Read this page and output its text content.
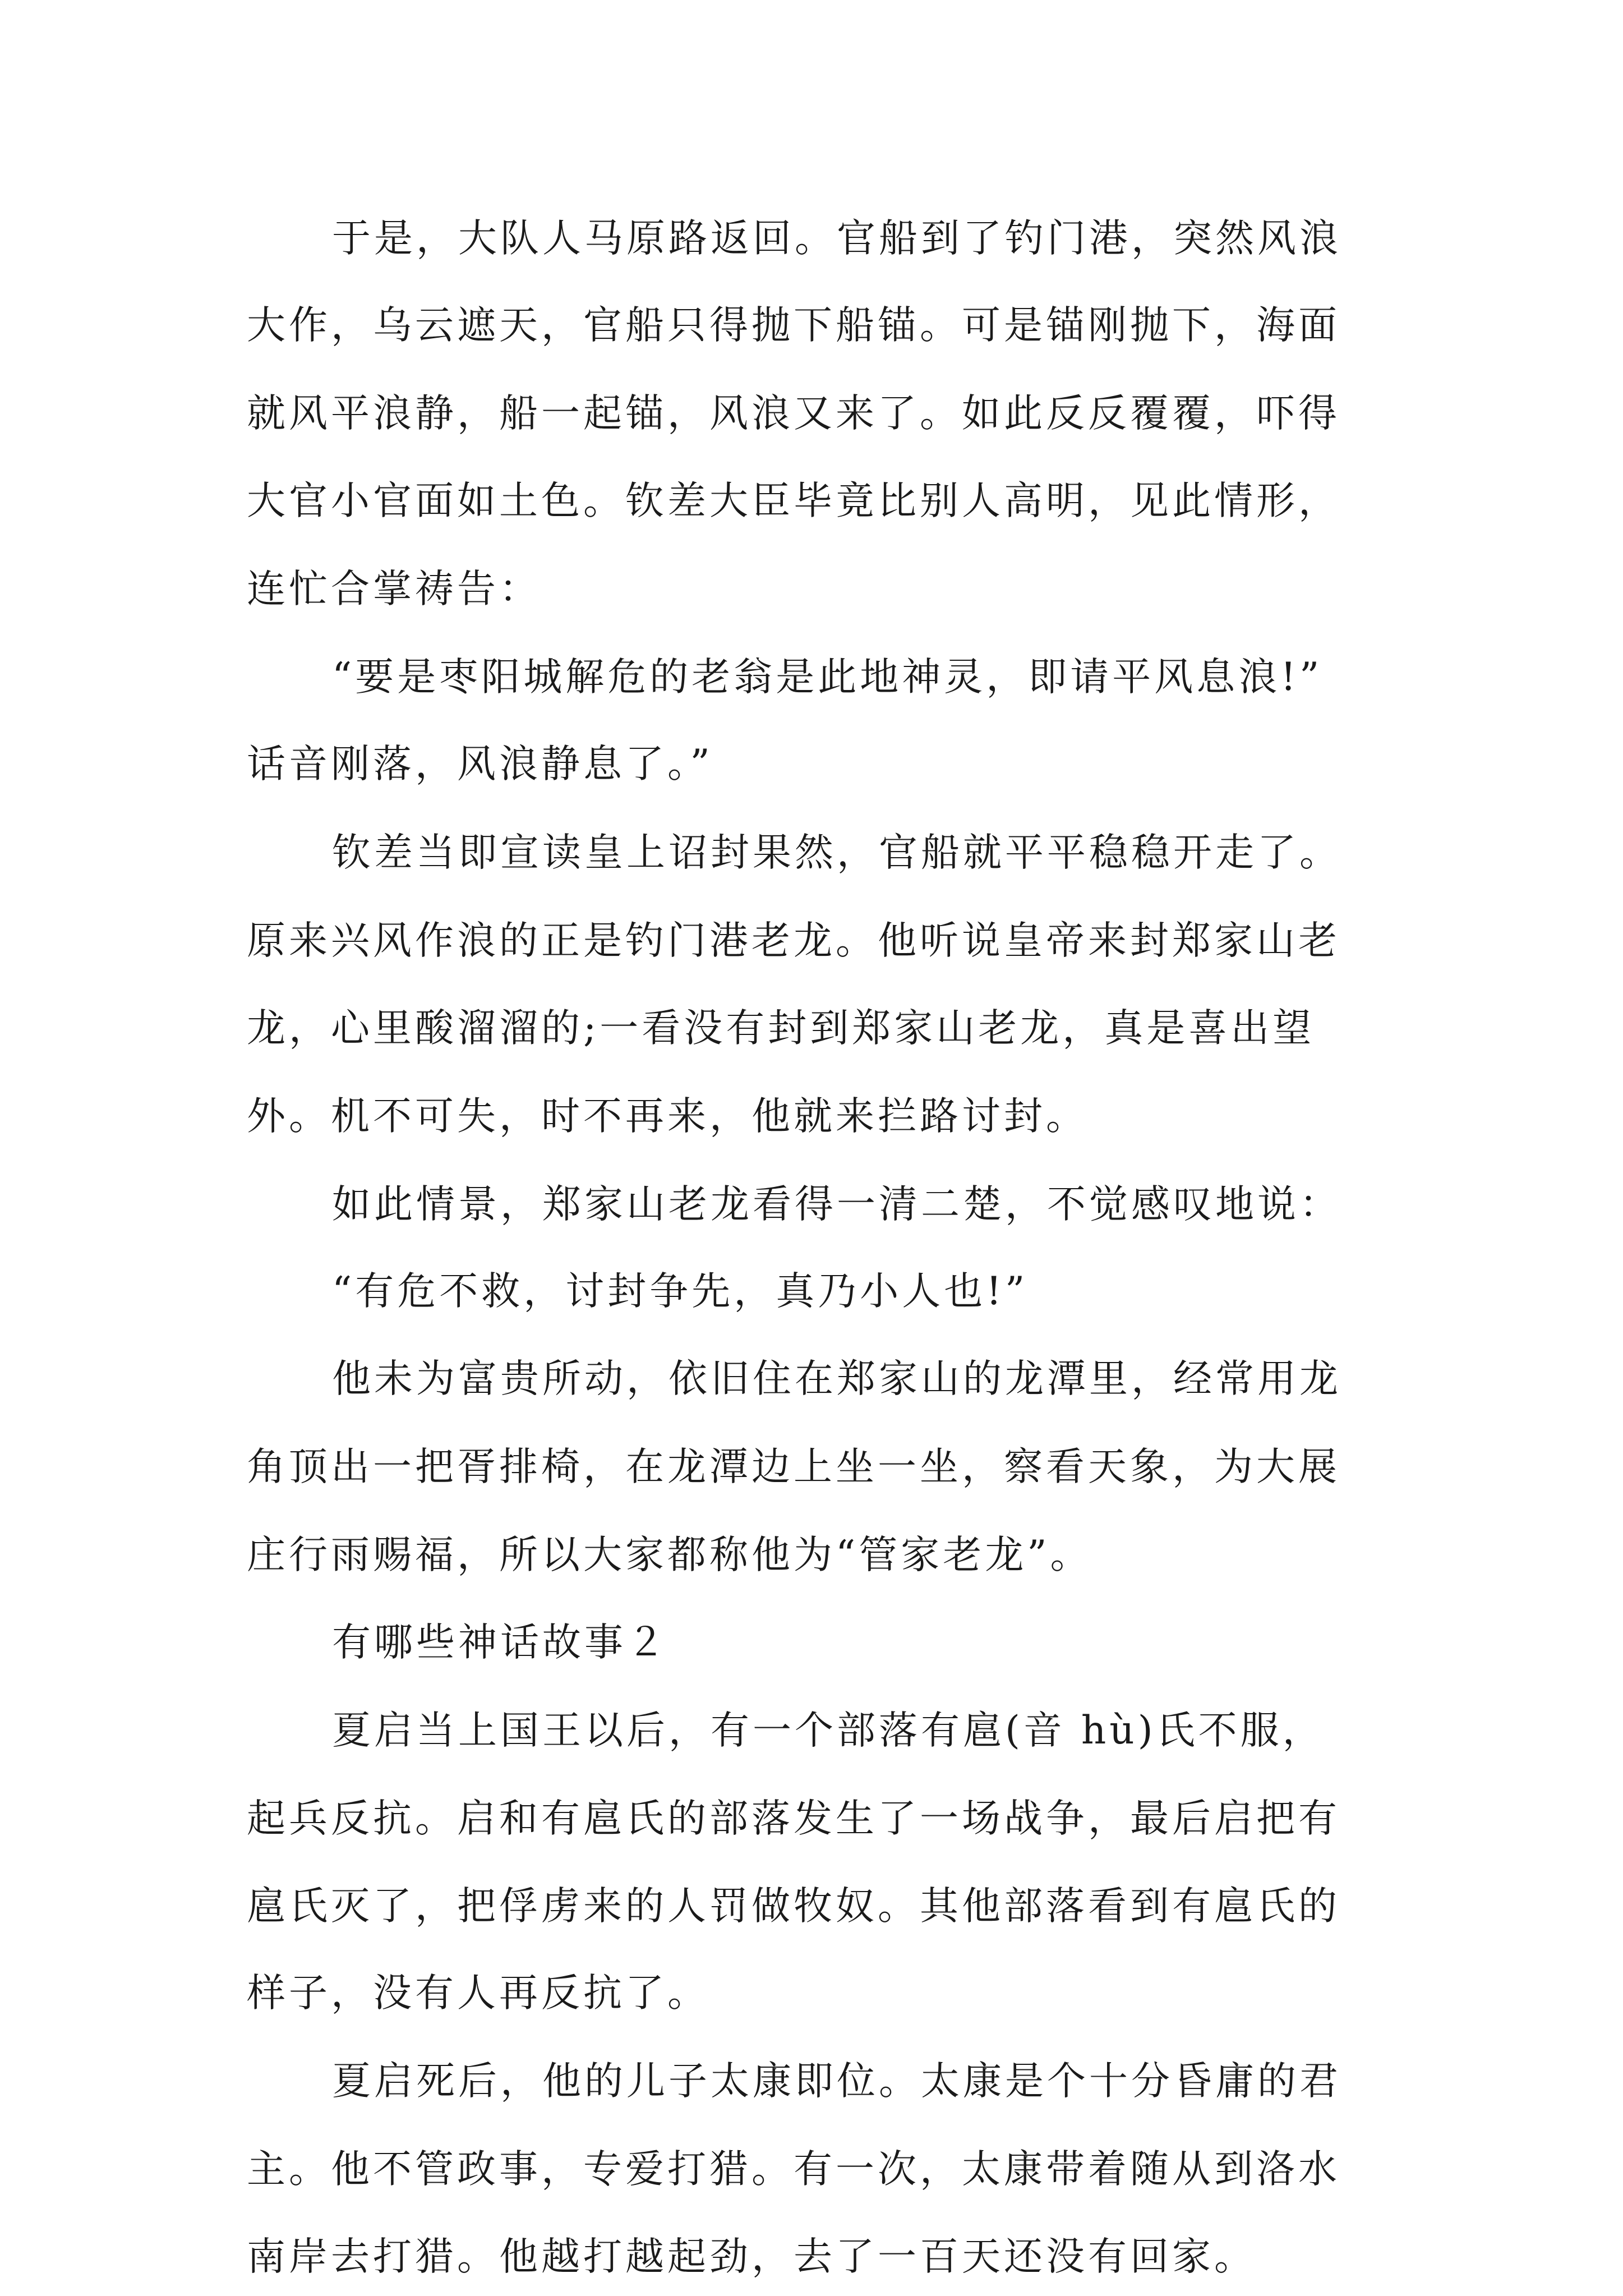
于是，大队人马原路返回。官船到了钓门港，突然风浪
大作，乌云遮天，官船只得抛下船锚。可是锚刚抛下，海面
就风平浪静，船一起锚，风浪又来了。如此反反覆覆，吓得
大官小官面如土色。钦差大臣毕竟比别人高明，见此情形，
连忙合掌祷告：
“要是枣阳城解危的老翁是此地神灵，即请平风息浪!”
话音刚落，风浪静息了。”
钦差当即宣读皇上诏封果然，官船就平平稳稳开走了。
原来兴风作浪的正是钓门港老龙。他听说皇帝来封郑家山老
龙，心里酸溜溜的;一看没有封到郑家山老龙，真是喜出望
外。机不可失，时不再来，他就来拦路讨封。
如此情景，郑家山老龙看得一清二楚，不觉感叹地说：
“有危不救，讨封争先，真乃小人也!”
他未为富贵所动，依旧住在郑家山的龙潭里，经常用龙
角顶出一把胥排椅，在龙潭边上坐一坐，察看天象，为大展
庄行雨赐福，所以大家都称他为“管家老龙”。
有哪些神话故事２
夏启当上国王以后，有一个部落有扈(音 hù)氏不服，
起兵反抗。启和有扈氏的部落发生了一场战争，最后启把有
扈氏灭了，把俘虏来的人罚做牧奴。其他部落看到有扈氏的
样子，没有人再反抗了。
夏启死后，他的儿子太康即位。太康是个十分昏庸的君
主。他不管政事，专爱打猎。有一次，太康带着随从到洛水
南岸去打猎。他越打越起劲，去了一百天还没有回家。
